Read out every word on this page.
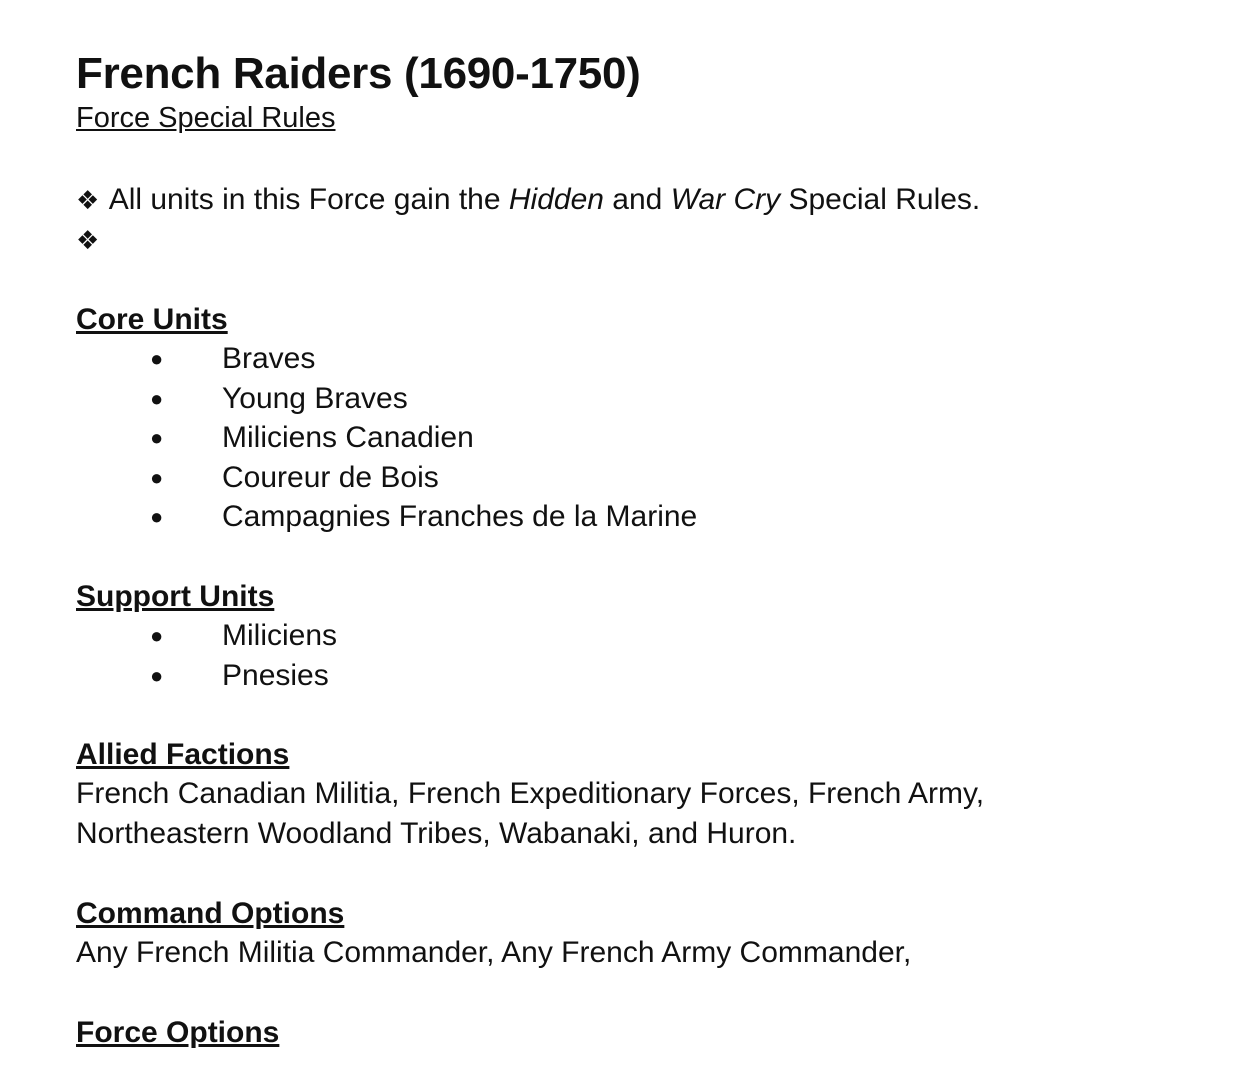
French Raiders (1690-1750)

Force Special Rules

❖ All units in this Force gain the Hidden and War Cry Special Rules.

❖

Core Units

●	Braves
●	Young Braves
●	Miliciens Canadien
●	Coureur de Bois
●	Campagnies Franches de la Marine

Support Units

●	Miliciens
●	Pnesies

Allied Factions

French Canadian Militia, French Expeditionary Forces, French Army,

Northeastern Woodland Tribes, Wabanaki, and Huron.

Command Options

Any French Militia Commander, Any French Army Commander,

Force Options
